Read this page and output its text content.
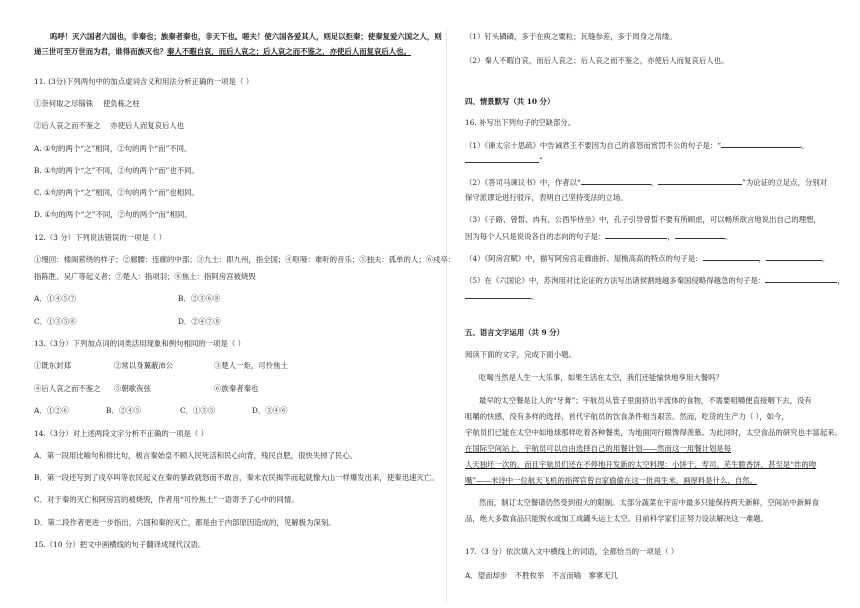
呜呼！灭六国者六国也，非秦也；族秦者秦也，非天下也。嗟夫！使六国各爱其人，则足以拒秦；使秦复爱六国之人，则
递三世可至万世而为君，谁得而族灭也？秦人不暇自哀，而后人哀之；后人哀之而不鉴之，亦使后人而复哀后人也。
11. (3分)下列两句中的加点虚词含义和用法分析正确的一项是（ ）
①奈何取之尽锱铢　 使负栋之柱
②后人哀之而不鉴之　 亦使后人而复哀后人也
A. ①句的两个“之”相同，②句的两个“而”不同。
B. ①句的两个“之”不同，②句的两个“而”也不同。
C. ①句的两个“之”相同，②句的两个“而”也相同。
D. ①句的两个“之”不同，②句的两个“而”相同。
12.（3 分）下列说法错误的一项是（ ）
①缦回：楼阁萦绕的样子；②廊腰：连廊的中部；③九土：即九州，指全国；④呕哑：难听的音乐；⑤独夫：孤单的人；⑥戍卒：
指陈胜、吴广等起义者；⑦楚人：指项羽；⑧焦土：指阿房宫被烧毁
A．①④⑤⑦	B．②③⑥⑧
C．①③⑤⑥	D．②④⑦⑧
13.（3分）下列加点词的词类活用现象和例句相同的一项是（ ）
①既东封郑	②常以身翼蔽沛公	③楚人一炬，可怜焦土
④后人哀之而不鉴之 ⑤朝歌夜弦	⑥族秦者秦也
A．①②⑥	B．②④⑤	C．①③⑤	D．③④⑥
14.（3分）对上述两段文字分析不正确的一项是（ ）
A．第一段用比喻句和排比句，极言秦始皇不顾人民死活和民心向背，残民自肥，很快失掉了民心。
B．第一段还写到了戍卒叫等农民起义在秦的暴政就怒而不敢言，秦末农民揭竿而起就像大山一样爆发出来，使秦迅速灭亡。
C．对于秦的灭亡和阿房宫的被烧毁，作者用“可怜焦土”一语寄予了心中的同情。
D．第二段作者更进一步指出，六国和秦的灭亡，都是由于内部原因造成的，见解极为深刻。
15.（10 分）把文中画横线的句子翻译成现代汉语。
（1）钉头磷磷，多于在庾之粟粒；瓦缝参差，多于周身之帛缕。
（2）秦人不暇自哀，而后人哀之；后人哀之而不鉴之，亦使后人而复哀后人也。
四、情景默写（共 10 分）
16. 补写出下列句子的空缺部分。
（1）《谏太宗十思疏》中告诫君王不要因为自己的喜怒而赏罚不公的句子是：“	。
”
（2）《答司马谏议书》中，作者以“	，	”为论证的立足点，分别对
保守派谬论进行驳斥，表明自己坚持变法的立场。
（3）《子路、曾皙、冉有、公西华侍坐》中，孔子引导曾皙不要有所顾虑，可以畅所欲言地说出自己的理想，
因为每个人只是说说各自的志向的句子是：	，	。
（4）《阿房宫赋》中，描写阿房宫走廊曲折、屋檐高高的特点的句子是：	，	。
（5）在《六国论》中，苏洵用对比论证的方法写出诸侯割地越多秦国侵略得越急的句子是：	，
。
五、语言文字运用（共 9 分）
阅读下面的文字，完成下面小题。
吃喝当然是人生一大乐事，如果生活在太空，我们还能愉快地享用大餐吗？
最早的太空餐是让人的“牙膏”；宇航员从管子里面挤出半流体的食物，不需要咀嚼便直接咽下去，没有
咀嚼的快感，没有多样的选择，首代宇航员的饮食条件相当艰苦。然而，吃货的生产力（ ），如今，
宇航员们已能在太空中如地球那样吃着各种餐类，为地面同行眼馋得羡慕。为此同时，太空食品的研究也丰富起来。
在国际空间站上，宇航员可以自由选择自己的用餐计划——然而这一用餐计划是每
人天独坯一次的，而且宇航员们还在不停地开发新的太空料理：小饼干、寿司、芜生脆香饼，甚至是“炸的吻
嘴”——米诗中一位航天飞机的指挥官曾自家偷偷在这一批再生米，画厚料是什么，自然。
然而，制订太空餐谱仍然受到很大的限制。太部分蔬菜在宇宙中最多只能保持两天新鲜，空间站中新鲜食
品，绝大多数食品只能脱水或加工成罐头运上太空。目前科学家们正努力设法解决这一难题。
17.（3 分）依次填入文中横线上的词语，全都恰当的一项是（ ）
A．望而却步　不胜枚举　不言而喻　寥寥无几
